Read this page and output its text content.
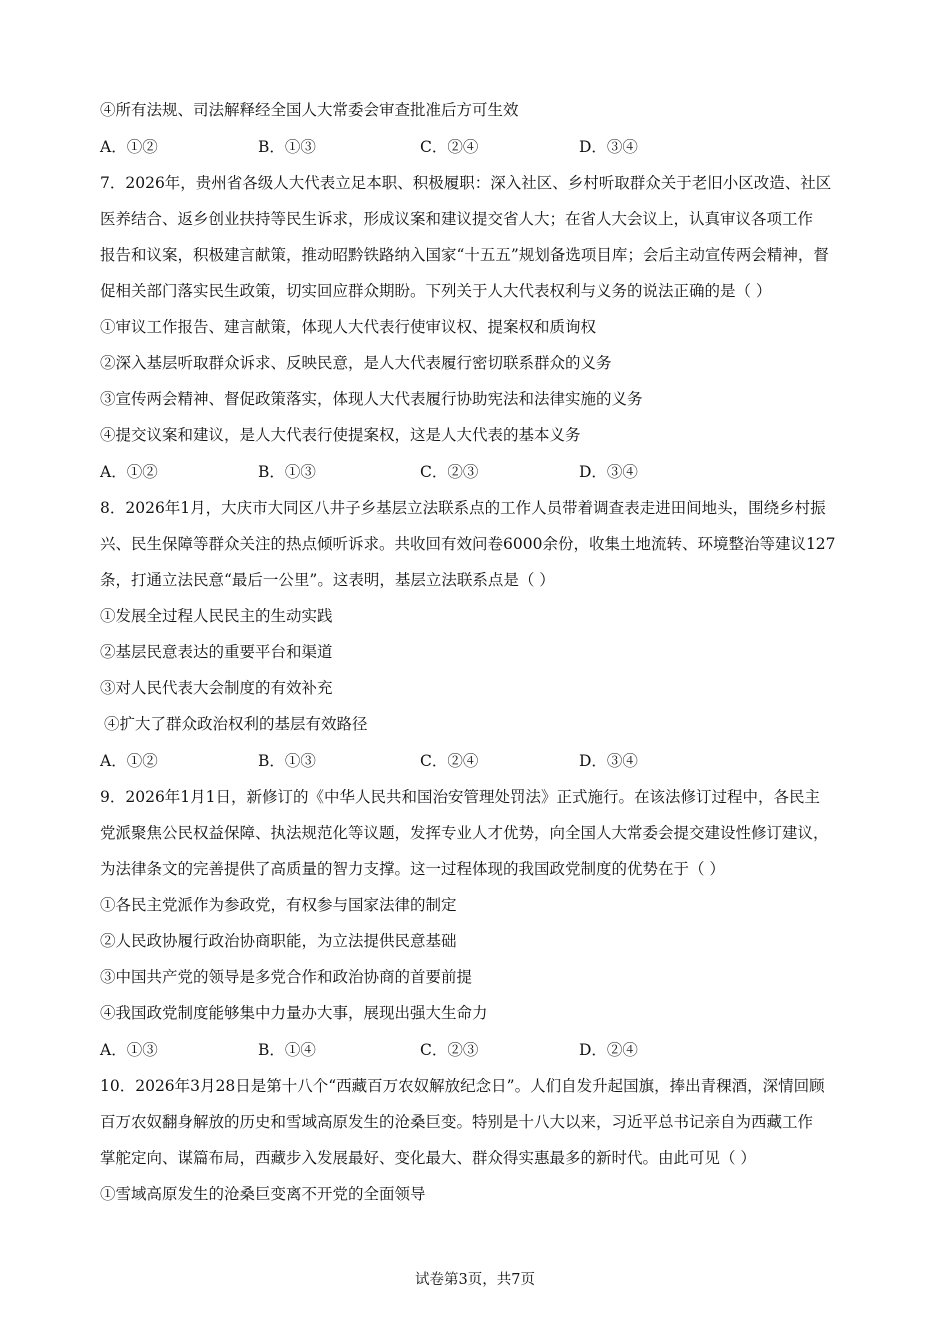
④所有法规、司法解释经全国人大常委会审查批准后方可生效
A．①②	B．①③	C．②④	D．③④
7．2026年，贵州省各级人大代表立足本职、积极履职：深入社区、乡村听取群众关于老旧小区改造、社区
医养结合、返乡创业扶持等民生诉求，形成议案和建议提交省人大；在省人大会议上，认真审议各项工作
报告和议案，积极建言献策，推动昭黔铁路纳入国家“十五五”规划备选项目库；会后主动宣传两会精神，督
促相关部门落实民生政策，切实回应群众期盼。下列关于人大代表权利与义务的说法正确的是（ ）
①审议工作报告、建言献策，体现人大代表行使审议权、提案权和质询权
②深入基层听取群众诉求、反映民意，是人大代表履行密切联系群众的义务
③宣传两会精神、督促政策落实，体现人大代表履行协助宪法和法律实施的义务
④提交议案和建议，是人大代表行使提案权，这是人大代表的基本义务
A．①②	B．①③	C．②③	D．③④
8．2026年1月，大庆市大同区八井子乡基层立法联系点的工作人员带着调查表走进田间地头，围绕乡村振
兴、民生保障等群众关注的热点倾听诉求。共收回有效问卷6000余份，收集土地流转、环境整治等建议127
条，打通立法民意“最后一公里”。这表明，基层立法联系点是（ ）
①发展全过程人民民主的生动实践
②基层民意表达的重要平台和渠道
③对人民代表大会制度的有效补充
④扩大了群众政治权利的基层有效路径
A．①②	B．①③	C．②④	D．③④
9．2026年1月1日，新修订的《中华人民共和国治安管理处罚法》正式施行。在该法修订过程中，各民主
党派聚焦公民权益保障、执法规范化等议题，发挥专业人才优势，向全国人大常委会提交建设性修订建议，
为法律条文的完善提供了高质量的智力支撑。这一过程体现的我国政党制度的优势在于（ ）
①各民主党派作为参政党，有权参与国家法律的制定
②人民政协履行政治协商职能，为立法提供民意基础
③中国共产党的领导是多党合作和政治协商的首要前提
④我国政党制度能够集中力量办大事，展现出强大生命力
A．①③	B．①④	C．②③	D．②④
10．2026年3月28日是第十八个“西藏百万农奴解放纪念日”。人们自发升起国旗，捧出青稞酒，深情回顾
百万农奴翻身解放的历史和雪域高原发生的沧桑巨变。特别是十八大以来，习近平总书记亲自为西藏工作
掌舵定向、谋篇布局，西藏步入发展最好、变化最大、群众得实惠最多的新时代。由此可见（ ）
①雪域高原发生的沧桑巨变离不开党的全面领导
试卷第3页，共7页
